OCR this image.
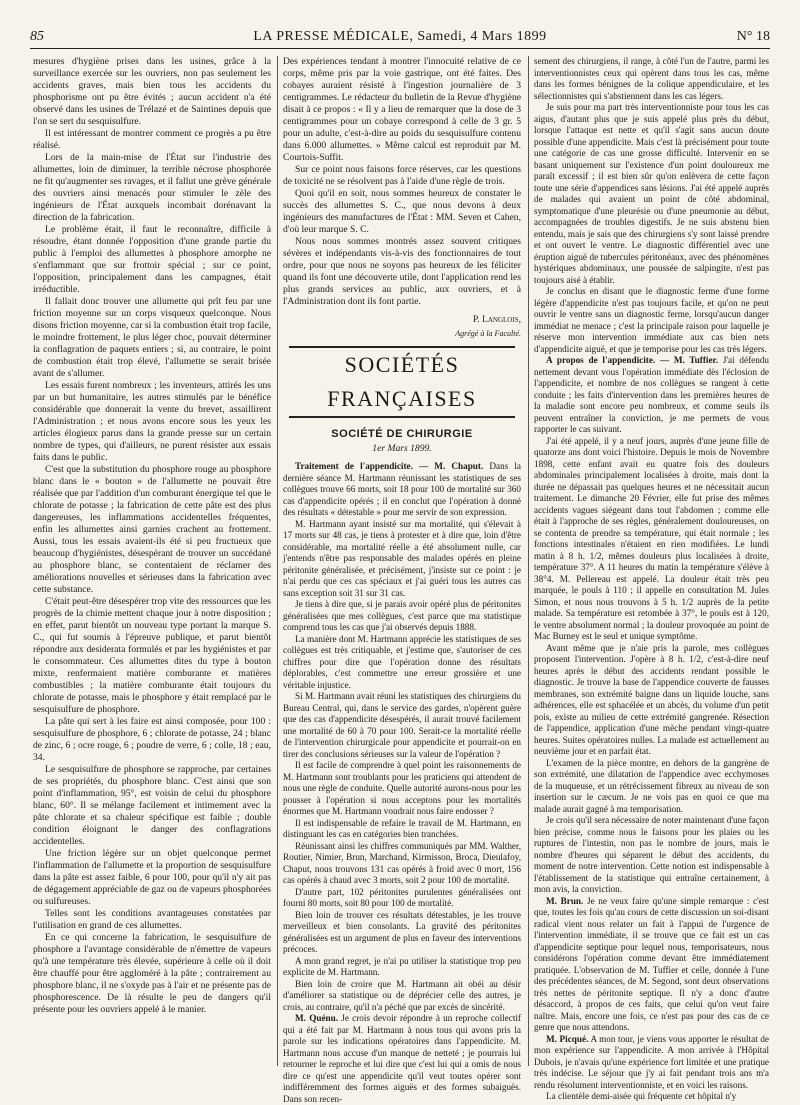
85	LA PRESSE MÉDICALE, Samedi, 4 Mars 1899	N° 18

mesures d'hygiène prises dans les usines, grâce à la surveillance exercée sur les ouvriers, non pas seulement les accidents graves, mais bien tous les accidents du phosphorisme ont pu être évités ; aucun accident n'a été observé dans les usines de Trélazé et de Saintines depuis que l'on se sert du sesquisulfure.

Il est intéressant de montrer comment ce progrès a pu être réalisé.

Lors de la main-mise de l'État sur l'industrie des allumettes, loin de diminuer, la terrible nécrose phosphorée ne fit qu'augmenter ses ravages, et il fallut une grève générale des ouvriers ainsi menacés pour stimuler le zèle des ingénieurs de l'État auxquels incombait dorénavant la direction de la fabrication.

Le problème était, il faut le reconnaître, difficile à résoudre, étant donnée l'opposition d'une grande partie du public à l'emploi des allumettes à phosphore amorphe ne s'enflammant que sur frottoir spécial ; sur ce point, l'opposition, principalement dans les campagnes, était irréductible.

Il fallait donc trouver une allumette qui prît feu par une friction moyenne sur un corps visqueux quelconque. Nous disons friction moyenne, car si la combustion était trop facile, le moindre frottement, le plus léger choc, pouvait déterminer la conflagration de paquets entiers ; si, au contraire, le point de combustion était trop élevé, l'allumette se serait brisée avant de s'allumer.

Les essais furent nombreux ; les inventeurs, attirés les uns par un but humanitaire, les autres stimulés par le bénéfice considérable que donnerait la vente du brevet, assaillirent l'Administration ; et nous avons encore sous les yeux les articles élogieux parus dans la grande presse sur un certain nombre de types, qui d'ailleurs, ne purent résister aux essais faits dans le public.

C'est que la substitution du phosphore rouge au phosphore blanc dans le « bouton » de l'allumette ne pouvait être réalisée que par l'addition d'un comburant énergique tel que le chlorate de potasse ; la fabrication de cette pâte est des plus dangereuses, les inflammations accidentelles fréquentes, enfin les allumettes ainsi garnies crachent au frottement. Aussi, tous les essais avaient-ils été si peu fructueux que beaucoup d'hygiénistes, désespérant de trouver un succédané au phosphore blanc, se contentaient de réclamer des améliorations nouvelles et sérieuses dans la fabrication avec cette substance.

C'était peut-être désespérer trop vite des ressources que les progrès de la chimie mettent chaque jour à notre disposition ; en effet, parut bientôt un nouveau type portant la marque S. C., qui fut soumis à l'épreuve publique, et parut bientôt répondre aux desiderata formulés et par les hygiénistes et par le consommateur. Ces allumettes dites du type à bouton mixte, renfermaient matière comburante et matières combustibles ; la matière comburante était toujours du chlorate de potasse, mais le phosphore y était remplacé par le sesquisulfure de phosphore.

La pâte qui sert à les faire est ainsi composée, pour 100 : sesquisulfure de phosphore, 6 ; chlorate de potasse, 24 ; blanc de zinc, 6 ; ocre rouge, 6 ; poudre de verre, 6 ; colle, 18 ; eau, 34.

Le sesquisulfure de phosphore se rapproche, par certaines de ses propriétés, du phosphore blanc. C'est ainsi que son point d'inflammation, 95°, est voisin de celui du phosphore blanc, 60°. Il se mélange facilement et intimement avec la pâte chlorate et sa chaleur spécifique est faible ; double condition éloignant le danger des conflagrations accidentelles.

Une friction légère sur un objet quelconque permet l'inflammation de l'allumette et la proportion de sesquisulfure dans la pâte est assez faible, 6 pour 100, pour qu'il n'y ait pas de dégagement appréciable de gaz ou de vapeurs phosphorées ou sulfureuses.

Telles sont les conditions avantageuses constatées par l'utilisation en grand de ces allumettes.

En ce qui concerne la fabrication, le sesquisulfure de phosphore a l'avantage considérable de n'émettre de vapeurs qu'à une température très élevée, supérieure à celle où il doit être chauffé pour être aggloméré à la pâte ; contrairement au phosphore blanc, il ne s'oxyde pas à l'air et ne présente pas de phosphorescence. De là résulte le peu de dangers qu'il présente pour les ouvriers appelé à le manier.

Des expériences tendant à montrer l'innocuité relative de ce corps, même pris par la voie gastrique, ont été faites. Des cobayes auraient résisté à l'ingestion journalière de 3 centigrammes. Le rédacteur du bulletin de la Revue d'hygiène disait à ce propos : « Il y a lieu de remarquer que la dose de 3 centigrammes pour un cobaye correspond à celle de 3 gr. 5 pour un adulte, c'est-à-dire au poids du sesquisulfure contenu dans 6.000 allumettes. » Même calcul est reproduit par M. Courtois-Suffit.

Sur ce point nous faisons force réserves, car les questions de toxicité ne se résolvent pas à l'aide d'une règle de trois.

Quoi qu'il en soit, nous sommes heureux de constater le succès des allumettes S. C., que nous devons à deux ingénieurs des manufactures de l'État : MM. Seven et Cahen, d'où leur marque S. C.

Nous nous sommes montrés assez souvent critiques sévères et indépendants vis-à-vis des fonctionnaires de tout ordre, pour que nous ne soyons pas heureux de les féliciter quand ils font une découverte utile, dont l'application rend les plus grands services au public, aux ouvriers, et à l'Administration dont ils font partie.

P. Langlois,
Agrégé à la Faculté.
SOCIÉTÉS FRANÇAISES
SOCIÉTÉ DE CHIRURGIE
1er Mars 1899.

Traitement de l'appendicite. — M. Chaput. Dans la dernière séance M. Hartmann réunissant les statistiques de ses collègues trouve 66 morts, soit 18 pour 100 de mortalité sur 360 cas d'appendicite opérés ; il en conclut que l'opération à donné des résultats « détestable » pour me servir de son expression.

M. Hartmann ayant insisté sur ma mortalité, qui s'élevait à 17 morts sur 48 cas, je tiens à protester et à dire que, loin d'être considérable, ma mortalité réelle a été absolument nulle, car j'entends n'être pas responsable des malades opérés en pleine péritonite généralisée, et précisément, j'insiste sur ce point : je n'ai perdu que ces cas spéciaux et j'ai guéri tous les autres cas sans exception soit 31 sur 31 cas.

Je tiens à dire que, si je parais avoir opéré plus de péritonites généralisées que mes collègues, c'est parce que ma statistique comprend tous les cas que j'ai observés depuis 1888.

La manière dont M. Hartmann apprécie les statistiques de ses collègues est très critiquable, et j'estime que, s'autoriser de ces chiffres pour dire que l'opération donne des résultats déplorables, c'est commettre une erreur grossière et une véritable injustice.

Si M. Hartmann avait réuni les statistiques des chirurgiens du Bureau Central, qui, dans le service des gardes, n'opèrent guère que des cas d'appendicite désespérés, il aurait trouvé facilement une mortalité de 60 à 70 pour 100. Serait-ce la mortalité réelle de l'intervention chirurgicale pour appendicite et pourrait-on en tirer des conclusions sérieuses sur la valeur de l'opération ?

Il est facile de comprendre à quel point les raisonnements de M. Hartmann sont troublants pour les praticiens qui attendent de nous une règle de conduite. Quelle autorité aurons-nous pour les pousser à l'opération si nous acceptons pour les mortalités énormes que M. Hartmann voudrait nous faire endosser ?

Il est indispensable de refaire le travail de M. Hartmann, en distinguant les cas en catégories bien tranchées.

Réunissant ainsi les chiffres communiqués par MM. Walther, Routier, Nimier, Brun, Marchand, Kirmisson, Broca, Dieulafoy, Chaput, nous trouvons 131 cas opérés à froid avec 0 mort, 156 cas opérés à chaud avec 3 morts, soit 2 pour 100 de mortalité.

D'autre part, 102 péritonites purulentes généralisées ont fourni 80 morts, soit 80 pour 100 de mortalité.

Bien loin de trouver ces résultats détestables, je les trouve merveilleux et bien consolants. La gravité des péritonites généralisées est un argument de plus en faveur des interventions précoces.

A mon grand regret, je n'ai pu utiliser la statistique trop peu explicite de M. Hartmann.

Bien loin de croire que M. Hartmann ait obéi au désir d'améliorer sa statistique ou de déprécier celle des autres, je crois, au contraire, qu'il n'a péché que par excès de sincérité.

M. Quénu. Je crois devoir répondre à un reproche collectif qui a été fait par M. Hartmann à nous tous qui avons pris la parole sur les indications opératoires dans l'appendicite. M. Hartmann nous accuse d'un manque de netteté ; je pourrais lui retourner le reproche et lui dire que c'est lui qui a omis de nous dire ce qu'est une appendicite qu'il veut toutes opérer sont indifféremment des formes aiguës et des formes subaiguës. Dans son recen-

sement des chirurgiens, il range, à côté l'un de l'autre, parmi les interventionnistes ceux qui opèrent dans tous les cas, même dans les formes bénignes de la colique appendiculaire, et les sélectionnistes qui s'abstiennent dans les cas légers.

Je suis pour ma part très interventionniste pour tous les cas aigus, d'autant plus que je suis appelé plus près du début, lorsque l'attaque est nette et qu'il s'agit sans aucun doute possible d'une appendicite. Mais c'est là précisément pour toute une catégorie de cas une grosse difficulté. Intervenir en se basant uniquement sur l'existence d'un point douloureux me paraît excessif ; il est bien sûr qu'on enlèvera de cette façon toute une série d'appendices sans lésions. J'ai été appelé auprès de malades qui avaient un point de côté abdominal, symptomatique d'une pleurésie ou d'une pneumonie au début, accompagnées de troubles digestifs. Je ne suis abstenu bien entendu, mais je sais que des chirurgiens s'y sont laissé prendre et ont ouvert le ventre. Le diagnostic différentiel avec une éruption aiguë de tubercules péritonéaux, avec des phénomènes hystériques abdominaux, une poussée de salpingite, n'est pas toujours aisé à établir.

Je conclus en disant que le diagnostic ferme d'une forme légère d'appendicite n'est pas toujours facile, et qu'on ne peut ouvrir le ventre sans un diagnostic ferme, lorsqu'aucun danger immédiat ne menace ; c'est la principale raison pour laquelle je réserve mon intervention immédiate aux cas bien nets d'appendicite aiguë, et que je temporise pour les cas très légers.

A propos de l'appendicite. — M. Tuffier. J'ai défendu nettement devant vous l'opération immédiate dès l'éclosion de l'appendicite, et nombre de nos collègues se rangent à cette conduite ; les faits d'intervention dans les premières heures de la maladie sont encore peu nombreux, et comme seuls ils peuvent entraîner la conviction, je me permets de vous rapporter le cas suivant.

J'ai été appelé, il y a neuf jours, auprès d'une jeune fille de quatorze ans dont voici l'histoire. Depuis le mois de Novembre 1898, cette enfant avait eu quatre fois des douleurs abdominales principalement localisées à droite, mais dont la durée ne dépassait pas quelques heures et ne nécessitait aucun traitement. Le dimanche 20 Février, elle fut prise des mêmes accidents vagues siégeant dans tout l'abdomen ; comme elle était à l'approche de ses règles, généralement douloureuses, on se contenta de prendre sa température, qui était normale ; les fonctions intestinales n'étaient en rien modifiées. Le lundi matin à 8 h. 1/2, mêmes douleurs plus localisées à droite, température 37°. A 11 heures du matin la température s'élève à 38°4. M. Pellereau est appelé. La douleur était très peu marquée, le pouls à 110 ; il appelle en consultation M. Jules Simon, et nous nous trouvons à 5 h. 1/2 auprès de la petite malade. Sa température est retombée à 37°, le pouls est à 120, le ventre absolument normal ; la douleur provoquée au point de Mac Burney est le seul et unique symptôme.

Avant même que je n'aie pris la parole, mes collègues proposent l'intervention. J'opère à 8 h. 1/2, c'est-à-dire neuf heures après le début des accidents rendant possible le diagnostic. Je trouve la base de l'appendice couverte de fausses membranes, son extrémité baigne dans un liquide louche, sans adhérences, elle est sphacélée et un abcès, du volume d'un petit pois, existe au milieu de cette extrémité gangrenée. Résection de l'appendice, application d'une mèche pendant vingt-quatre heures. Suites opératoires nulles. La malade est actuellement au neuvième jour et en parfait état.

L'examen de la pièce montre, en dehors de la gangrène de son extrémité, une dilatation de l'appendice avec ecchymoses de la muqueuse, et un rétrécissement fibreux au niveau de son insertion sur le cæcum. Je ne vois pas en quoi ce que ma malade aurait gagné à ma temporisation.

Je crois qu'il sera nécessaire de noter maintenant d'une façon bien précise, comme nous le faisons pour les plaies ou les ruptures de l'intestin, non pas le nombre de jours, mais le nombre d'heures qui séparent le début des accidents, du moment de notre intervention. Cette notion est indispensable à l'établissement de la statistique qui entraîne certainement, à mon avis, la conviction.

M. Brun. Je ne veux faire qu'une simple remarque : c'est que, toutes les fois qu'au cours de cette discussion un soi-disant radical vient nous relater un fait à l'appui de l'urgence de l'intervention immédiate, il se trouve que ce fait est un cas d'appendicite septique pour lequel nous, temporisateurs, nous considérons l'opération comme devant être immédiatement pratiquée. L'observation de M. Tuffier et celle, donnée à l'une des précédentes séances, de M. Segond, sont deux observations très nettes de péritonite septique. Il n'y a donc d'autre désaccord, à propos de ces faits, que celui qu'on veut faire naître. Mais, encore une fois, ce n'est pas pour des cas de ce genre que nous attendons.

M. Picqué. A mon tour, je viens vous apporter le résultat de mon expérience sur l'appendicite. A mon arrivée à l'Hôpital Dubois, je n'avais qu'une expérience fort limitée et une pratique très indécise. Le séjour que j'y ai fait pendant trois ans m'a rendu résolument interventionniste, et en voici les raisons.

La clientèle demi-aisée qui fréquente cet hôpital n'y
